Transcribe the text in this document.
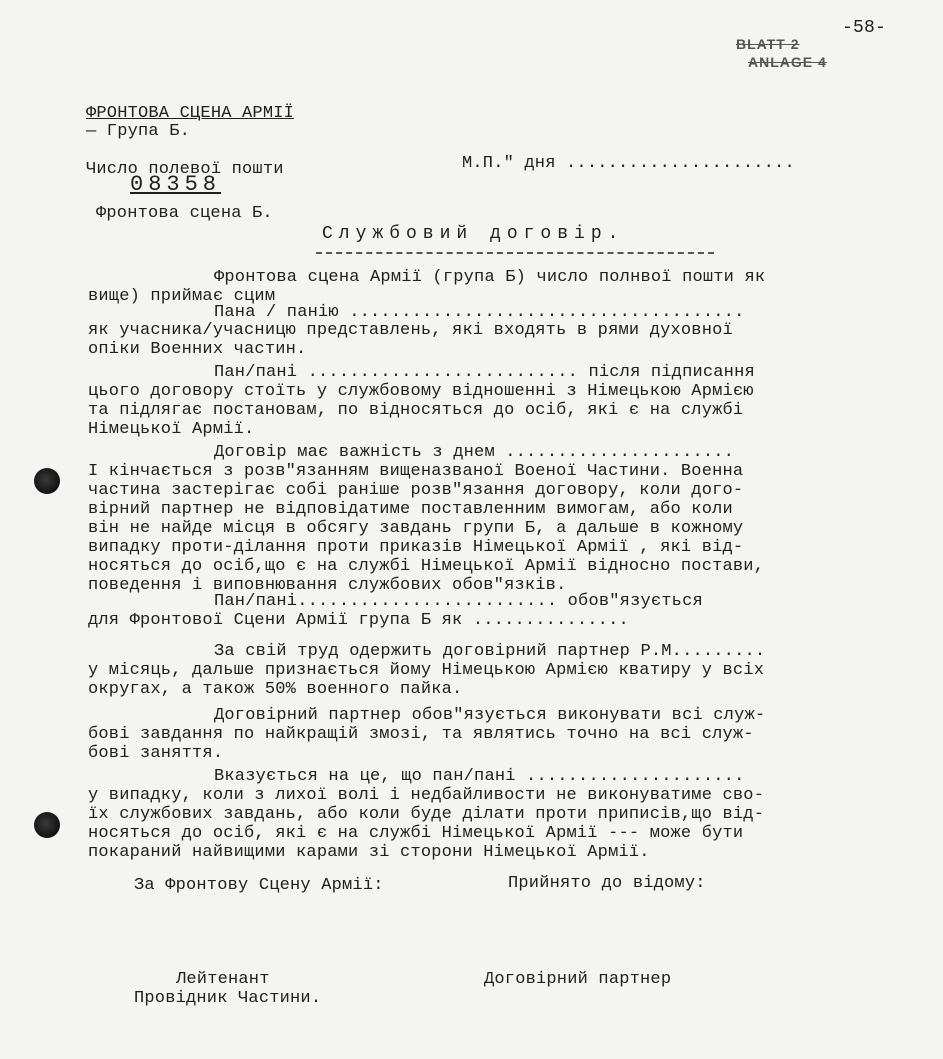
-58-
BLATT 2
ANLAGE 4
ФРОНТОВА СЦЕНА АРМІЇ
— Група Б.
Число полевої пошти
08358
М.П." дня ......................
Фронтова сцена Б.
Службовий договір.
Фронтова сцена Армії (група Б) число полнвої пошти як
вище) приймає сцим
Пана / панію ......................................
як учасника/учасницю представлень, які входять в рями духовної
опіки Военних частин.
Пан/пані .......................... після підписання
цього договору стоїть у службовому відношенні з Німецькою Армією
та підлягає постановам, по відносяться до осіб, які є на службі
Німецької Армії.
Договір має важність з днем ......................
І кінчається з розв"язанням вищеназваної Военої Частини. Военна
частина застерігає собі раніше розв"язання договору, коли дого-
вірний партнер не відповідатиме поставленним вимогам, або коли
він не найде місця в обсягу завдань групи Б, а дальше в кожному
випадку проти-ділання проти приказів Німецької Армії , які від-
носяться до осіб,що є на службі Німецької Армії відносно постави,
поведення і виповнювання службових обов"язків.
Пан/пані......................... обов"язується
для Фронтової Сцени Армії група Б як ...............
За свій труд одержить договірний партнер Р.М.........
у місяць, дальше признається йому Німецькою Армією кватиру у всіх
округах, а також 50% военного пайка.
Договірний партнер обов"язується виконувати всі служ-
бові завдання по найкращій змозі, та являтись точно на всі служ-
бові заняття.
Вказується на це, що пан/пані .....................
у випадку, коли з лихої волі і недбайливости не виконуватиме сво-
їх службових завдань, або коли буде ділати проти приписів,що від-
носяться до осіб, які є на службі Німецької Армії --- може бути
покараний найвищими карами зі сторони Німецької Армії.
За Фронтову Сцену Армії:	Прийнято до відому:
Лейтенант
Провідник Частини.
Договірний партнер
